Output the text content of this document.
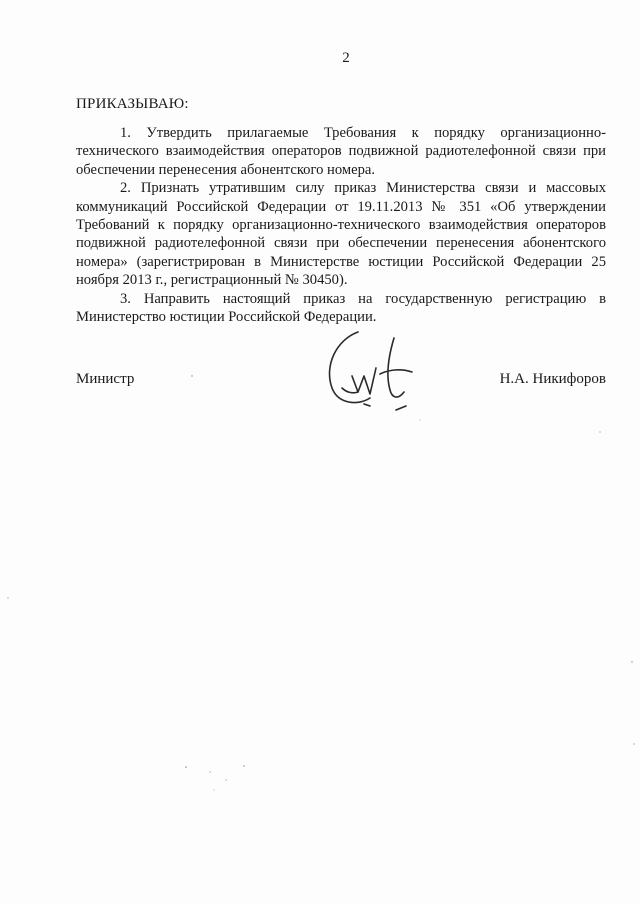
2
ПРИКАЗЫВАЮ:

1. Утвердить прилагаемые Требования к порядку организационно-технического взаимодействия операторов подвижной радиотелефонной связи при обеспечении перенесения абонентского номера.

2. Признать утратившим силу приказ Министерства связи и массовых коммуникаций Российской Федерации от 19.11.2013 № 351 «Об утверждении Требований к порядку организационно-технического взаимодействия операторов подвижной радиотелефонной связи при обеспечении перенесения абонентского номера» (зарегистрирован в Министерстве юстиции Российской Федерации 25 ноября 2013 г., регистрационный № 30450).

3. Направить настоящий приказ на государственную регистрацию в Министерство юстиции Российской Федерации.

Министр	Н.А. Никифоров
